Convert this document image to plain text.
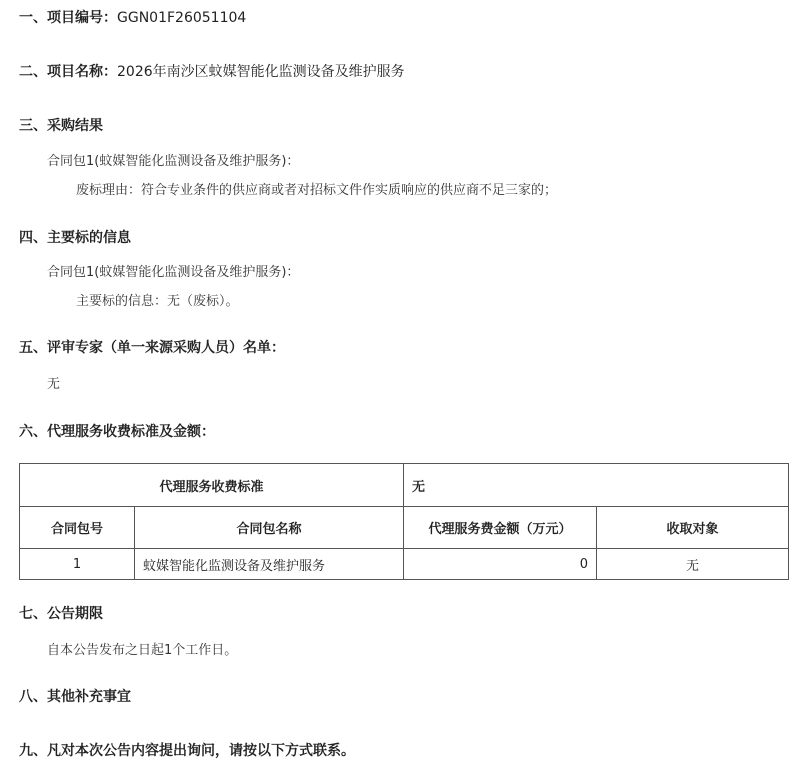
一、项目编号：GGN01F26051104
二、项目名称：2026年南沙区蚊媒智能化监测设备及维护服务
三、采购结果
合同包1(蚊媒智能化监测设备及维护服务)：
废标理由：符合专业条件的供应商或者对招标文件作实质响应的供应商不足三家的；
四、主要标的信息
合同包1(蚊媒智能化监测设备及维护服务)：
主要标的信息：无（废标）。
五、评审专家（单一来源采购人员）名单：
无
六、代理服务收费标准及金额：
代理服务收费标准		无	
合同包号	合同包名称	代理服务费金额（万元）	收取对象
1	蚊媒智能化监测设备及维护服务	0	无
七、公告期限
自本公告发布之日起1个工作日。
八、其他补充事宜
九、凡对本次公告内容提出询问，请按以下方式联系。
